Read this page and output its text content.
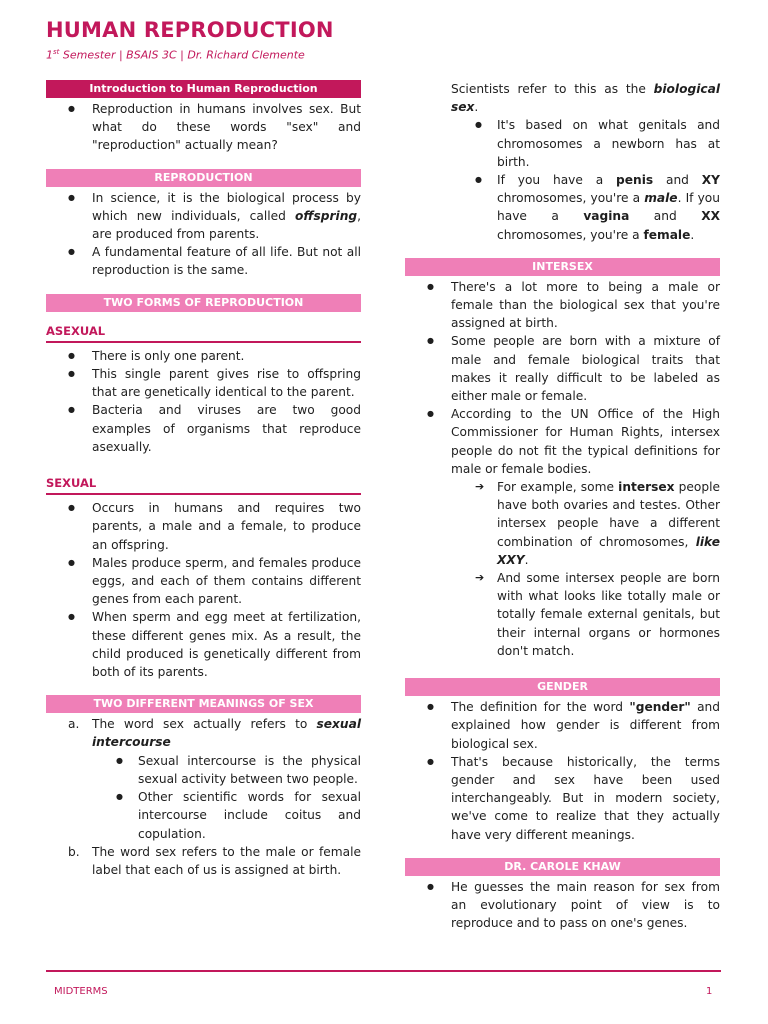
HUMAN REPRODUCTION
1st Semester | BSAIS 3C | Dr. Richard Clemente
Introduction to Human Reproduction
● Reproduction in humans involves sex. But what do these words "sex" and "reproduction" actually mean?
REPRODUCTION
● In science, it is the biological process by which new individuals, called offspring, are produced from parents.
● A fundamental feature of all life. But not all reproduction is the same.
TWO FORMS OF REPRODUCTION
ASEXUAL
● There is only one parent.
● This single parent gives rise to offspring that are genetically identical to the parent.
● Bacteria and viruses are two good examples of organisms that reproduce asexually.
SEXUAL
● Occurs in humans and requires two parents, a male and a female, to produce an offspring.
● Males produce sperm, and females produce eggs, and each of them contains different genes from each parent.
● When sperm and egg meet at fertilization, these different genes mix. As a result, the child produced is genetically different from both of its parents.
TWO DIFFERENT MEANINGS OF SEX
a. The word sex actually refers to sexual intercourse
● Sexual intercourse is the physical sexual activity between two people.
● Other scientific words for sexual intercourse include coitus and copulation.
b. The word sex refers to the male or female label that each of us is assigned at birth.
Scientists refer to this as the biological sex.
● It's based on what genitals and chromosomes a newborn has at birth.
● If you have a penis and XY chromosomes, you're a male. If you have a vagina and XX chromosomes, you're a female.
INTERSEX
● There's a lot more to being a male or female than the biological sex that you're assigned at birth.
● Some people are born with a mixture of male and female biological traits that makes it really difficult to be labeled as either male or female.
● According to the UN Office of the High Commissioner for Human Rights, intersex people do not fit the typical definitions for male or female bodies.
➔ For example, some intersex people have both ovaries and testes. Other intersex people have a different combination of chromosomes, like XXY.
➔ And some intersex people are born with what looks like totally male or totally female external genitals, but their internal organs or hormones don't match.
GENDER
● The definition for the word "gender" and explained how gender is different from biological sex.
● That's because historically, the terms gender and sex have been used interchangeably. But in modern society, we've come to realize that they actually have very different meanings.
DR. CAROLE KHAW
● He guesses the main reason for sex from an evolutionary point of view is to reproduce and to pass on one's genes.
MIDTERMS	1
